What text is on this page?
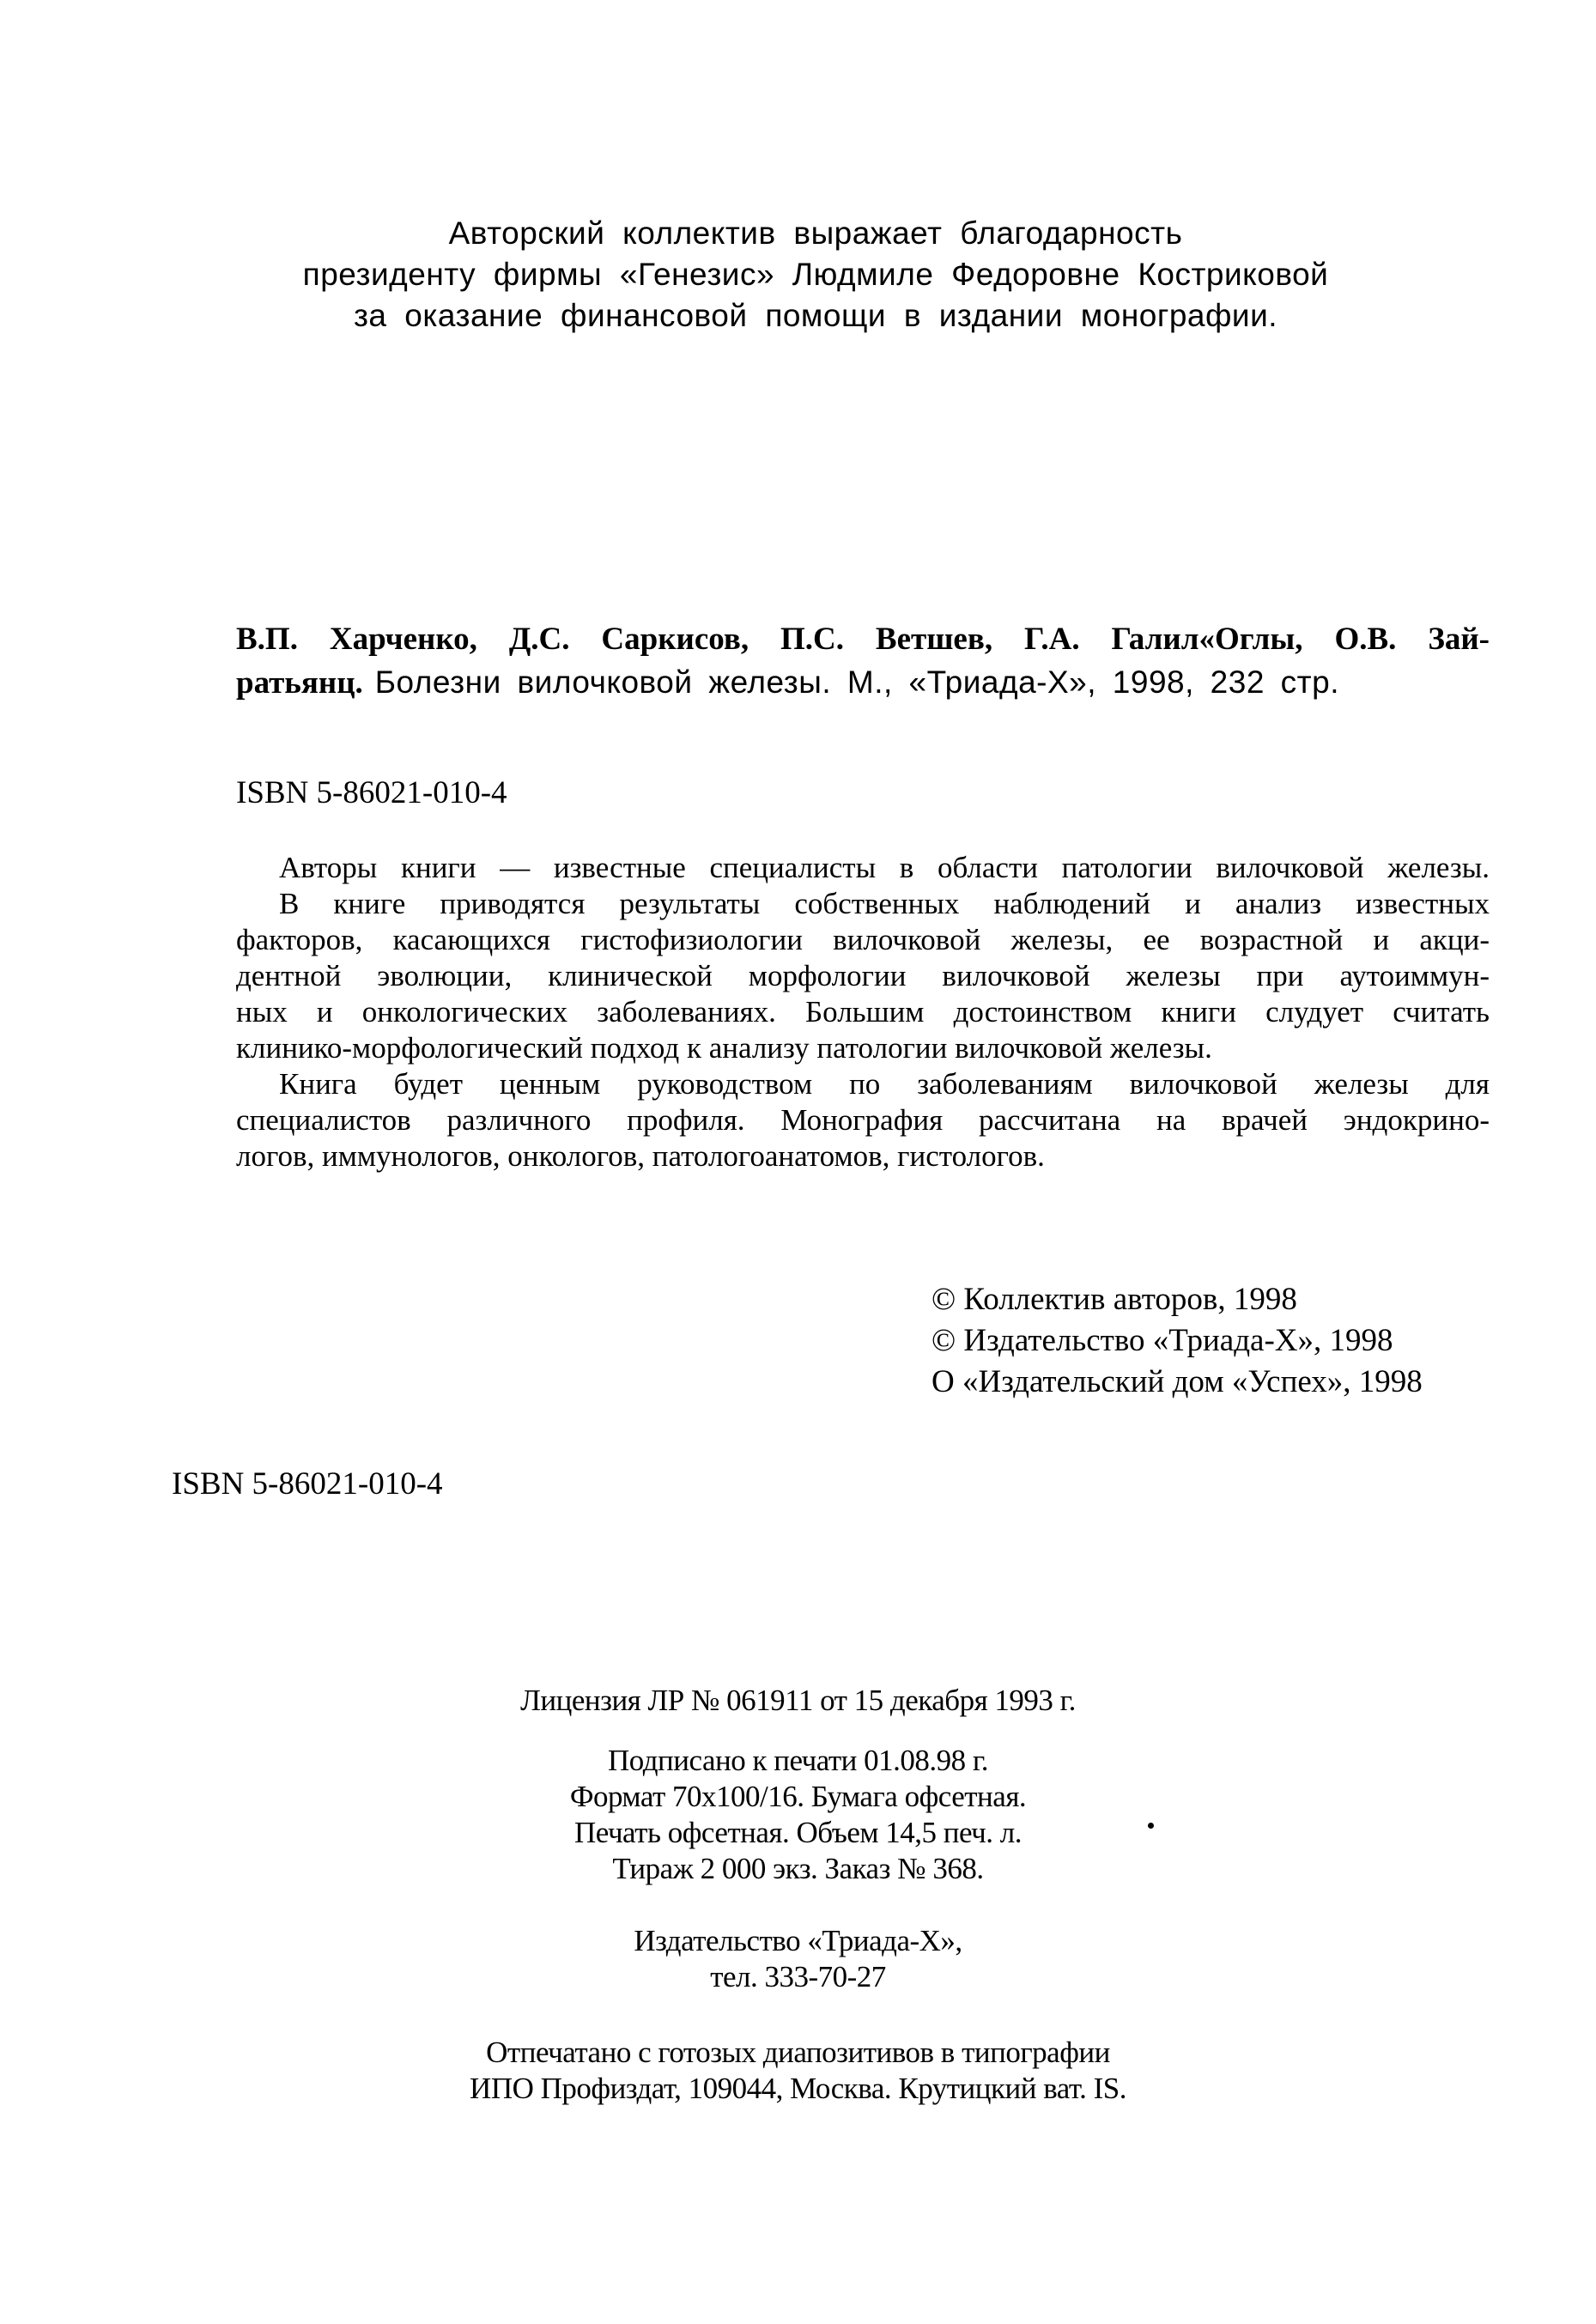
Авторский коллектив выражает благодарность
президенту фирмы «Генезис» Людмиле Федоровне Костриковой
за оказание финансовой помощи в издании монографии.
В.П. Харченко, Д.С. Саркисов, П.С. Ветшев, Г.А. Галил«Оглы, О.В. Зай-
ратьянц. Болезни вилочковой железы. М., «Триада-Х», 1998, 232 стр.
ISBN 5-86021-010-4
Авторы книги — известные специалисты в области патологии вилочковой железы.
В книге приводятся результаты собственных наблюдений и анализ известных
факторов, касающихся гистофизиологии вилочковой железы, ее возрастной и акци-
дентной эволюции, клинической морфологии вилочковой железы при аутоиммун-
ных и онкологических заболеваниях. Большим достоинством книги слудует считать
клинико-морфологический подход к анализу патологии вилочковой железы.
Книга будет ценным руководством по заболеваниям вилочковой железы для
специалистов различного профиля. Монография рассчитана на врачей эндокрино-
логов, иммунологов, онкологов, патологоанатомов, гистологов.
© Коллектив авторов, 1998
© Издательство «Триада-Х», 1998
О «Издательский дом «Успех», 1998
ISBN 5-86021-010-4
Лицензия ЛР № 061911 от 15 декабря 1993 г.
Подписано к печати 01.08.98 г.
Формат 70x100/16. Бумага офсетная.
Печать офсетная. Объем 14,5 печ. л.
Тираж 2 000 экз. Заказ № 368.
Издательство «Триада-Х»,
тел. 333-70-27
Отпечатано с готозых диапозитивов в типографии
ИПО Профиздат, 109044, Москва. Крутицкий ват. IS.
